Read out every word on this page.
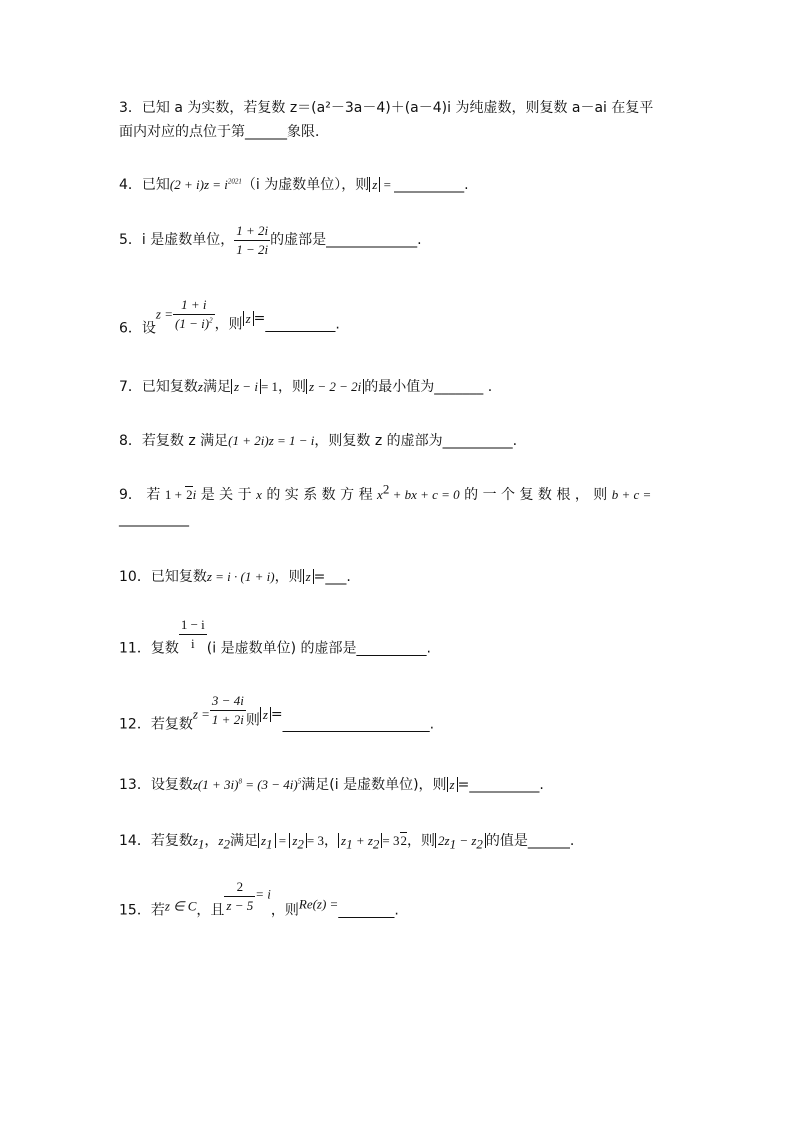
3．已知 a 为实数，若复数 z＝(a²－3a－4)＋(a－4)i 为纯虚数，则复数 a－ai 在复平
面内对应的点位于第______象限．
4．已知$(2 + i)z = i^{2021}(i$ 为虚数单位），则 z = __________.
5．i 是虚数单位， $\frac{1 + 2i}{1 - 2i}$ 的虚部是_____________.
6．设$z = \frac{1 + i}{(1 - i)^2}$ ，则 z =__________.
7．已知复数z满足 z − i = 1，则 z − 2 − 2i 的最小值为_______ .
8．若复数 z 满足(1 + 2i)z = 1 − i，则复数 z 的虚部为__________.
9． 若 1 + 2i 是 关 于 x 的 实 系 数 方 程 $x^2$ + bx + c = 0 的 一 个 复 数 根 ， 则 b + c =
__________
10．已知复数z = i · (1 + i)，则 z =___.
11．复数 $\frac{1 - i}{i} (i$ 是虚数单位) 的虚部是__________.
12．若复数$z = \frac{3 - 4i}{1 + 2i}$ 则 z =_____________________.
13．设复数$z(1 + 3i)^8 = (3 - 4i)^5$满足(i 是虚数单位)，则 z =__________.
14．若复数$z_1$，$z_2$满足 $z_1 = z_2 = 3$， $z_1 + z_2 = 32$，则 $2z_1 - z_2$ 的值是______.
15．若z ∈ C，且 $\frac{2}{z - 5} = i$，则Re(z) =________.
